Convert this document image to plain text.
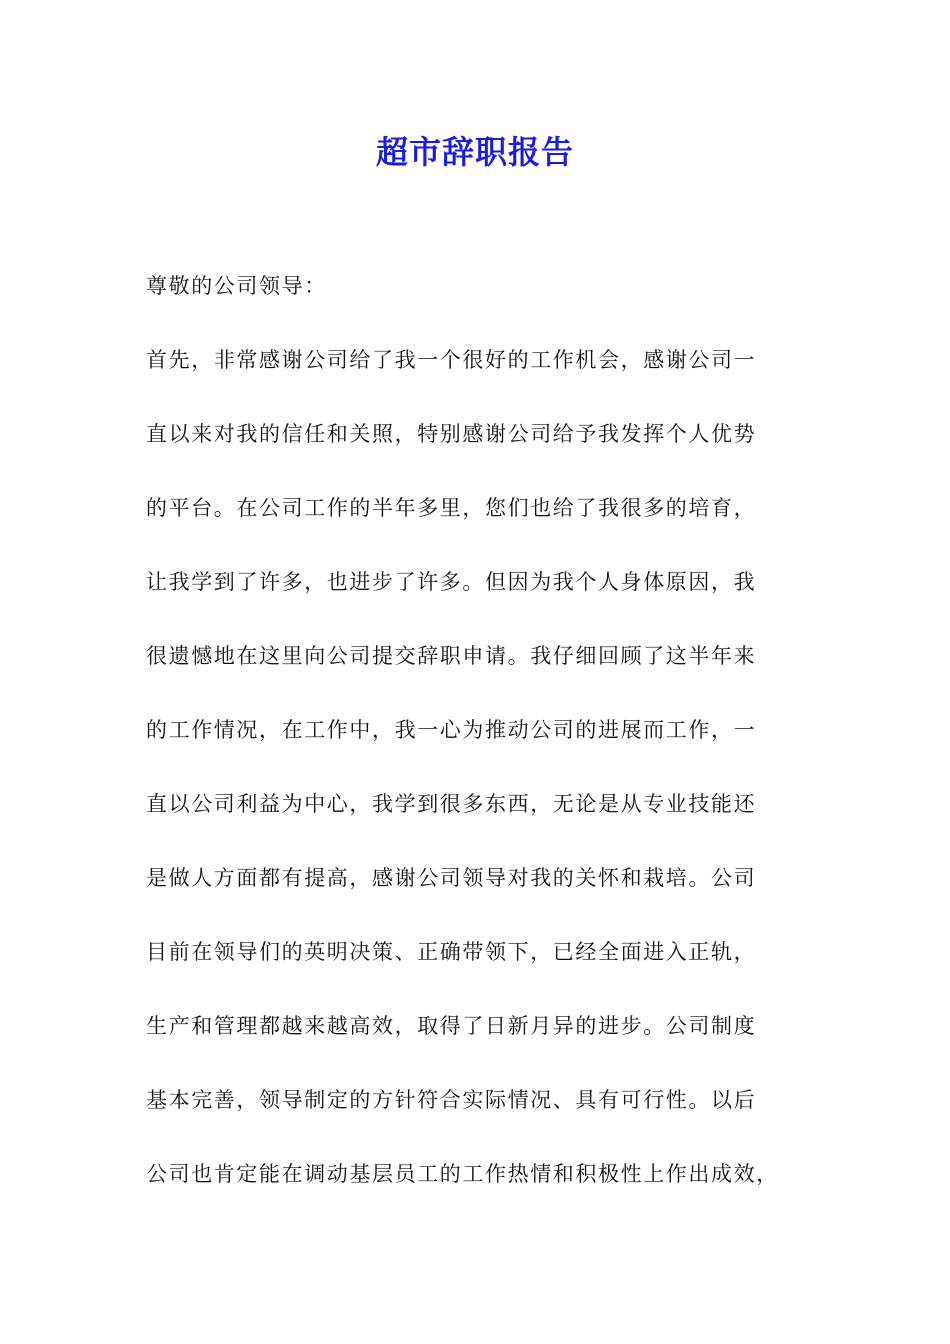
超市辞职报告
尊敬的公司领导：
首先，非常感谢公司给了我一个很好的工作机会，感谢公司一
直以来对我的信任和关照，特别感谢公司给予我发挥个人优势
的平台。在公司工作的半年多里，您们也给了我很多的培育，
让我学到了许多，也进步了许多。但因为我个人身体原因，我
很遗憾地在这里向公司提交辞职申请。我仔细回顾了这半年来
的工作情况，在工作中，我一心为推动公司的进展而工作，一
直以公司利益为中心，我学到很多东西，无论是从专业技能还
是做人方面都有提高，感谢公司领导对我的关怀和栽培。公司
目前在领导们的英明决策、正确带领下，已经全面进入正轨，
生产和管理都越来越高效，取得了日新月异的进步。公司制度
基本完善，领导制定的方针符合实际情况、具有可行性。以后
公司也肯定能在调动基层员工的工作热情和积极性上作出成效，
